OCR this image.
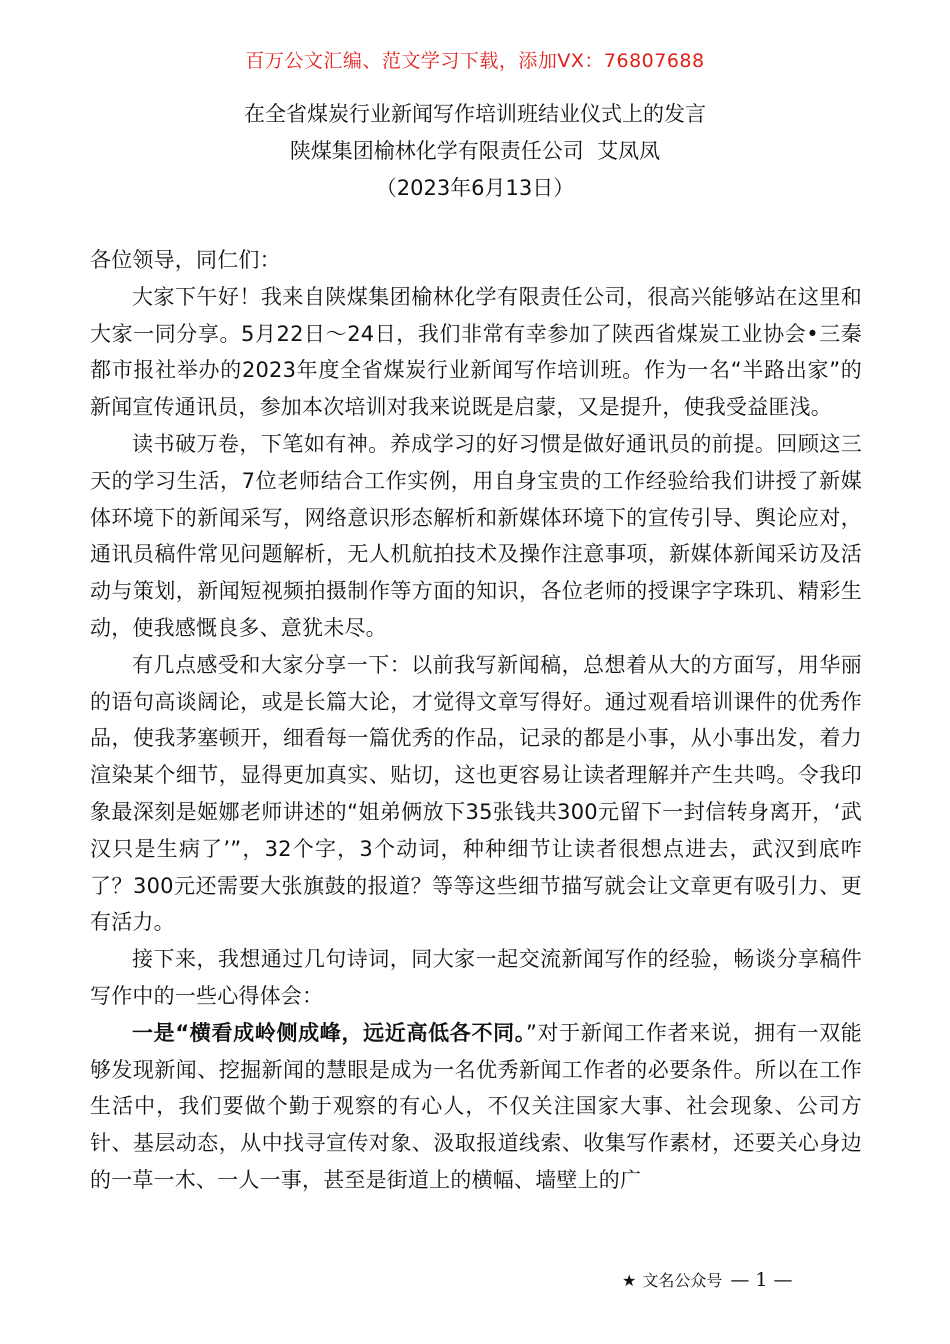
百万公文汇编、范文学习下载，添加VX：76807688
在全省煤炭行业新闻写作培训班结业仪式上的发言
陕煤集团榆林化学有限责任公司  艾凤凤
（2023年6月13日）

各位领导，同仁们：

大家下午好！我来自陕煤集团榆林化学有限责任公司，很高兴能够站在这里和大家一同分享。5月22日～24日，我们非常有幸参加了陕西省煤炭工业协会•三秦都市报社举办的2023年度全省煤炭行业新闻写作培训班。作为一名“半路出家”的新闻宣传通讯员，参加本次培训对我来说既是启蒙，又是提升，使我受益匪浅。

读书破万卷，下笔如有神。养成学习的好习惯是做好通讯员的前提。回顾这三天的学习生活，7位老师结合工作实例，用自身宝贵的工作经验给我们讲授了新媒体环境下的新闻采写，网络意识形态解析和新媒体环境下的宣传引导、舆论应对，通讯员稿件常见问题解析，无人机航拍技术及操作注意事项，新媒体新闻采访及活动与策划，新闻短视频拍摄制作等方面的知识，各位老师的授课字字珠玑、精彩生动，使我感慨良多、意犹未尽。

有几点感受和大家分享一下：以前我写新闻稿，总想着从大的方面写，用华丽的语句高谈阔论，或是长篇大论，才觉得文章写得好。通过观看培训课件的优秀作品，使我茅塞顿开，细看每一篇优秀的作品，记录的都是小事，从小事出发，着力渲染某个细节，显得更加真实、贴切，这也更容易让读者理解并产生共鸣。令我印象最深刻是姬娜老师讲述的“姐弟俩放下35张钱共300元留下一封信转身离开，‘武汉只是生病了’”，32个字，3个动词，种种细节让读者很想点进去，武汉到底咋了？300元还需要大张旗鼓的报道？等等这些细节描写就会让文章更有吸引力、更有活力。

接下来，我想通过几句诗词，同大家一起交流新闻写作的经验，畅谈分享稿件写作中的一些心得体会：

一是“横看成岭侧成峰，远近高低各不同。”对于新闻工作者来说，拥有一双能够发现新闻、挖掘新闻的慧眼是成为一名优秀新闻工作者的必要条件。所以在工作生活中，我们要做个勤于观察的有心人，不仅关注国家大事、社会现象、公司方针、基层动态，从中找寻宣传对象、汲取报道线索、收集写作素材，还要关心身边的一草一木、一人一事，甚至是街道上的横幅、墙壁上的广

★ 文名公众号 — 1 —
